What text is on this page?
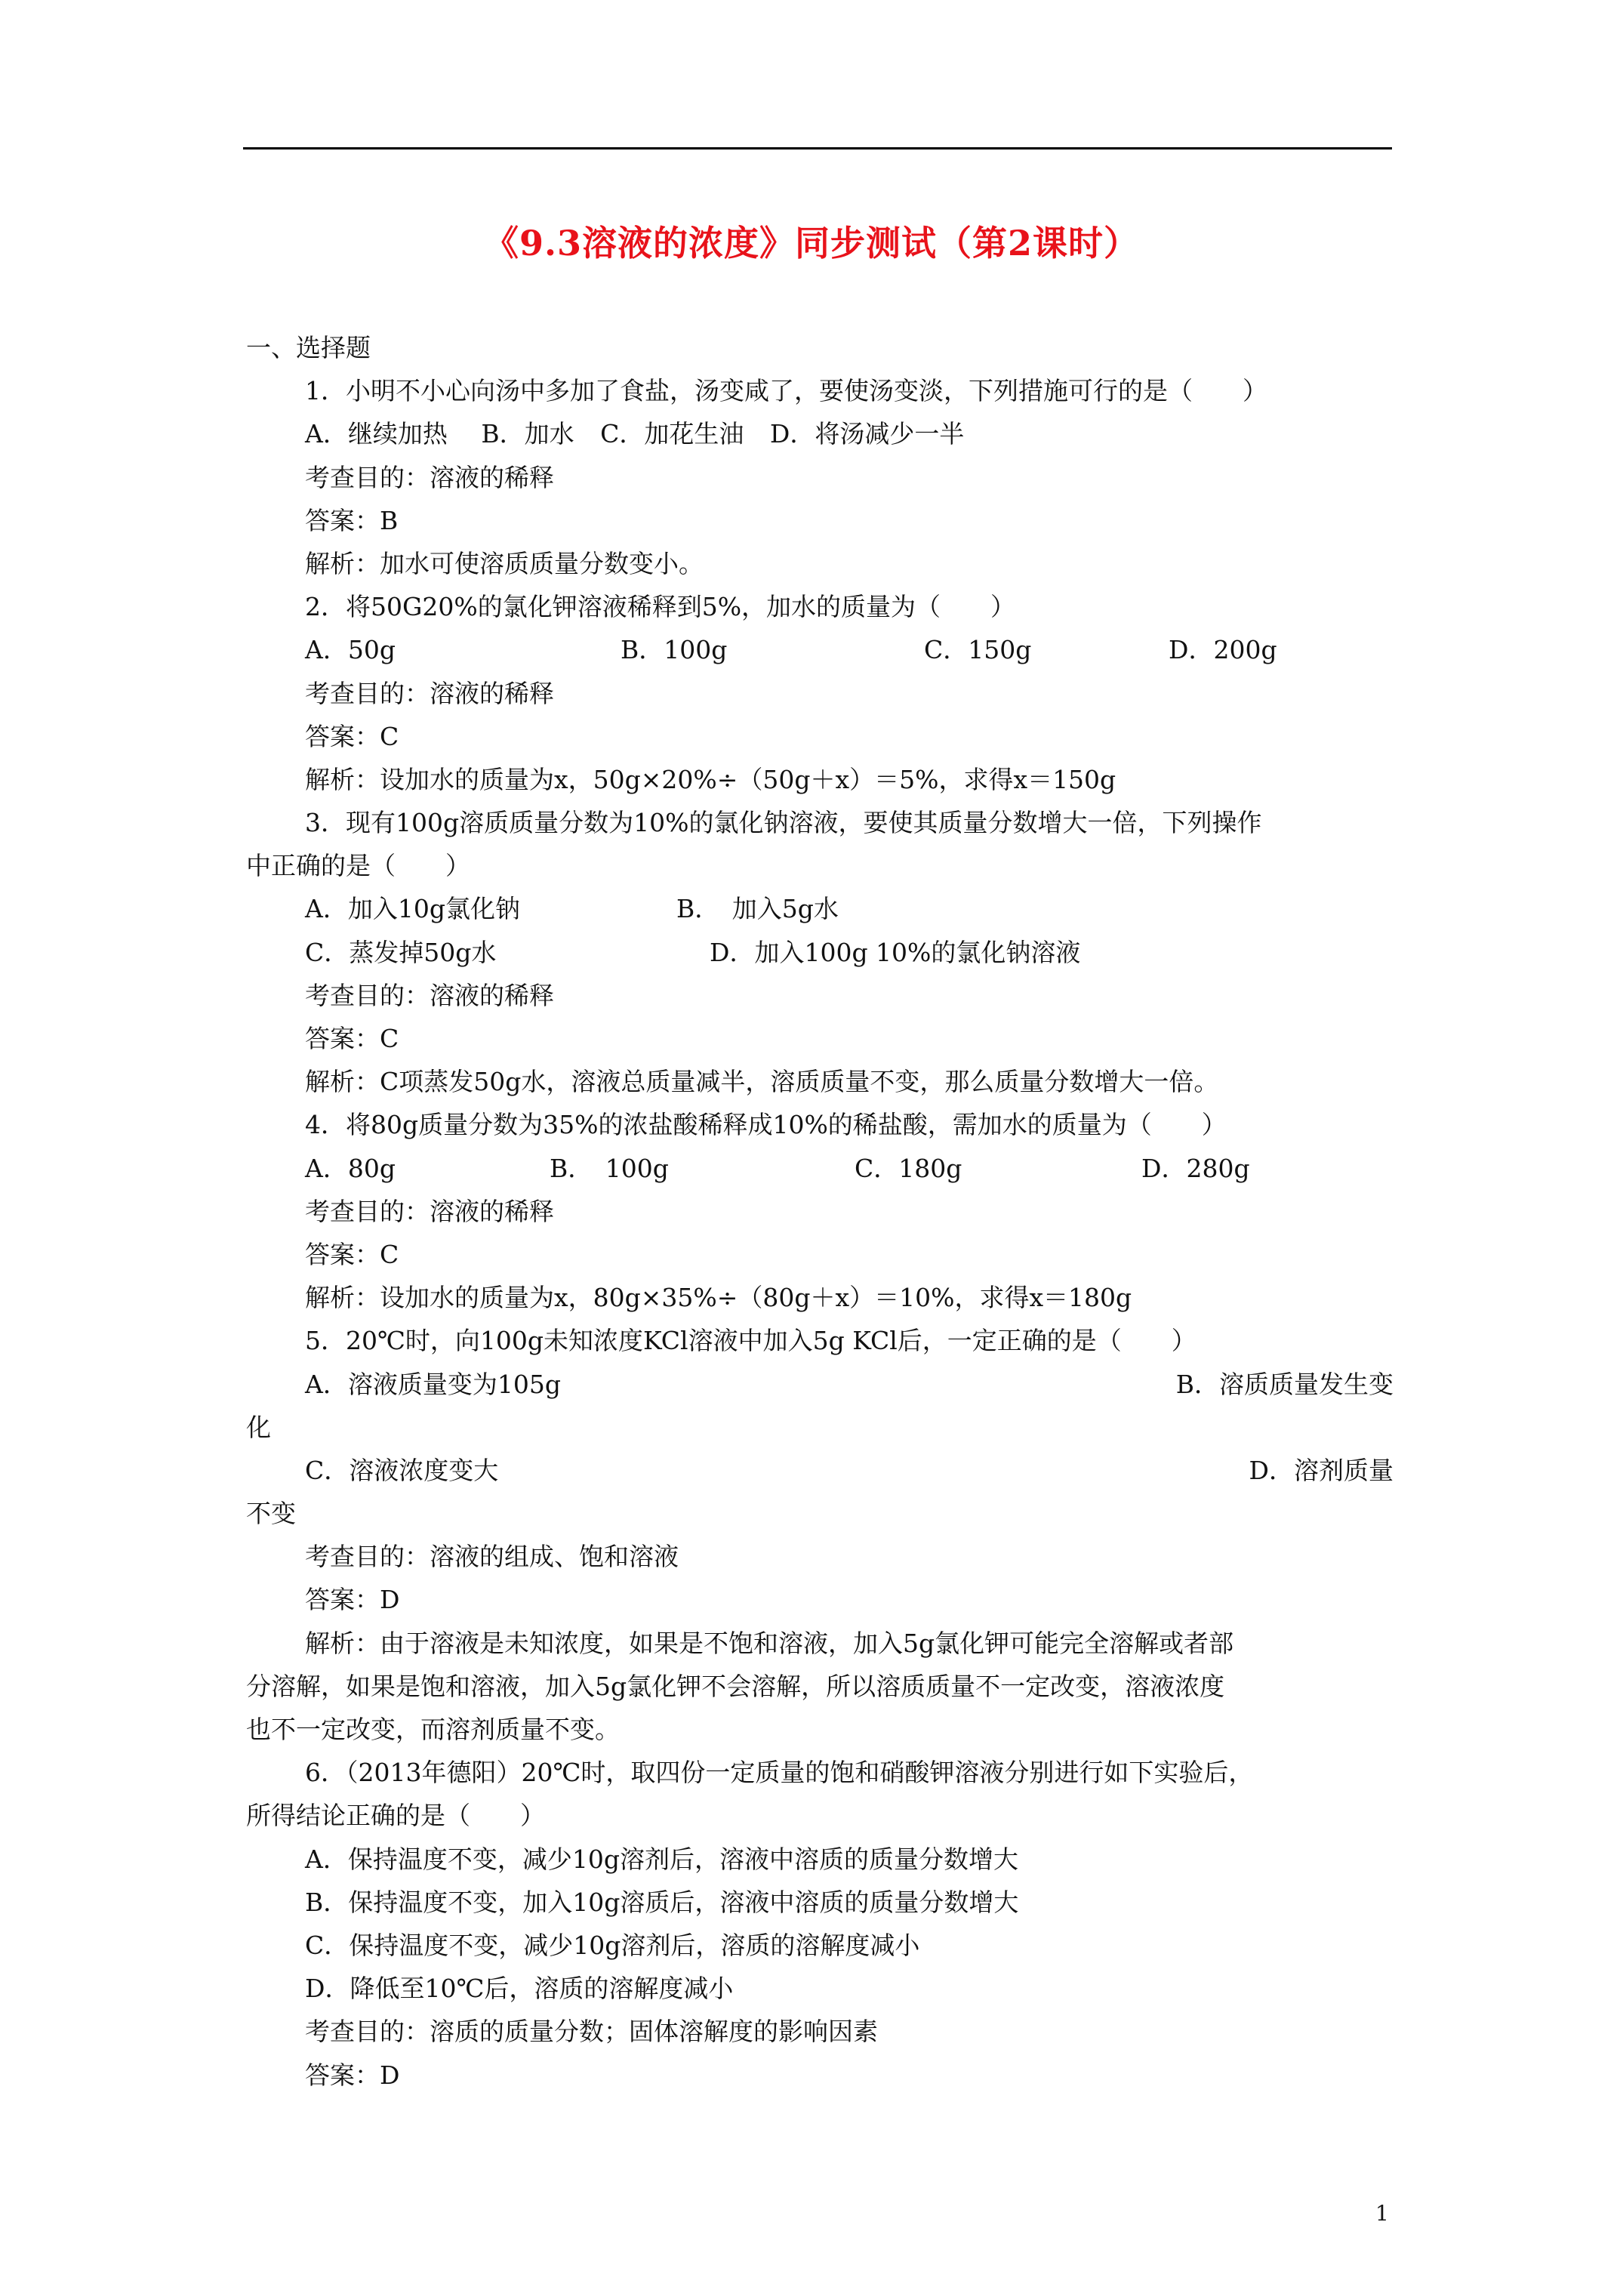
《9.3溶液的浓度》同步测试（第2课时）
一、选择题
1．小明不小心向汤中多加了食盐，汤变咸了，要使汤变淡，下列措施可行的是（　　）
A．继续加热 B．加水 C．加花生油 D．将汤减少一半
考查目的：溶液的稀释
答案：B
解析：加水可使溶质质量分数变小。
2．将50G20%的氯化钾溶液稀释到5%，加水的质量为（　　）
A．50g	B．100g	C．150g	D．200g
考查目的：溶液的稀释
答案：C
解析：设加水的质量为x，50g×20%÷（50g＋x）＝5%，求得x＝150g
3．现有100g溶质质量分数为10%的氯化钠溶液，要使其质量分数增大一倍，下列操作
中正确的是（　　）
A．加入10g氯化钠	B．　加入5g水
C．蒸发掉50g水	D．加入100g 10%的氯化钠溶液
考查目的：溶液的稀释
答案：C
解析：C项蒸发50g水，溶液总质量减半，溶质质量不变，那么质量分数增大一倍。
4．将80g质量分数为35%的浓盐酸稀释成10%的稀盐酸，需加水的质量为（　　）
A．80g	B．　100g	C．180g	D．280g
考查目的：溶液的稀释
答案：C
解析：设加水的质量为x，80g×35%÷（80g＋x）＝10%，求得x＝180g
5．20℃时，向100g未知浓度KCl溶液中加入5g KCl后，一定正确的是（　　）
A．溶液质量变为105g	B．溶质质量发生变
化
C．溶液浓度变大	D．溶剂质量
不变
考查目的：溶液的组成、饱和溶液
答案：D
解析：由于溶液是未知浓度，如果是不饱和溶液，加入5g氯化钾可能完全溶解或者部
分溶解，如果是饱和溶液，加入5g氯化钾不会溶解，所以溶质质量不一定改变，溶液浓度
也不一定改变，而溶剂质量不变。
6．（2013年德阳）20℃时，取四份一定质量的饱和硝酸钾溶液分别进行如下实验后，
所得结论正确的是（　　）
A．保持温度不变，减少10g溶剂后，溶液中溶质的质量分数增大
B．保持温度不变，加入10g溶质后，溶液中溶质的质量分数增大
C．保持温度不变，减少10g溶剂后，溶质的溶解度减小
D．降低至10℃后，溶质的溶解度减小
考查目的：溶质的质量分数；固体溶解度的影响因素
答案：D
1
